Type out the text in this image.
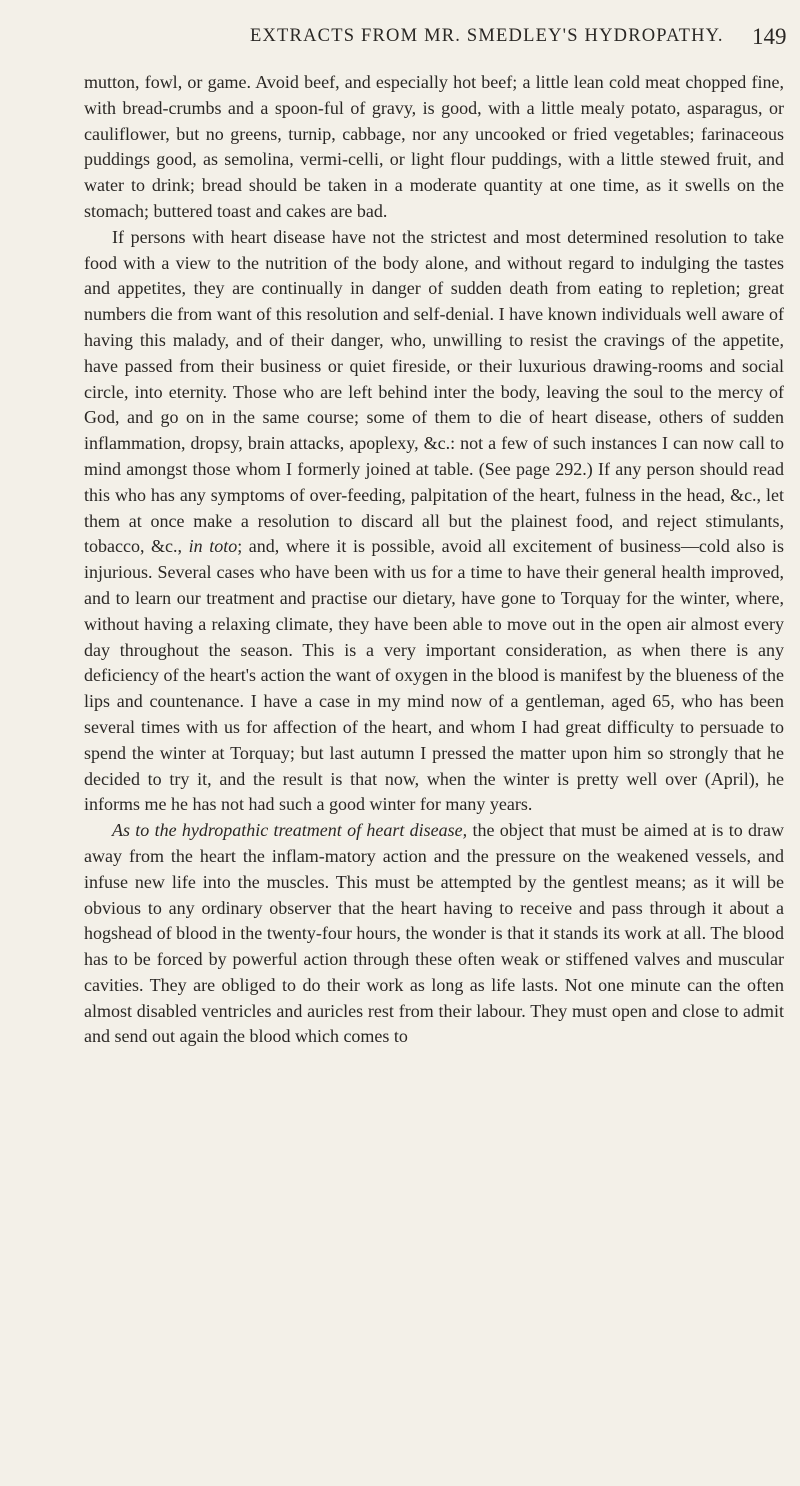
EXTRACTS FROM MR. SMEDLEY'S HYDROPATHY. 149

mutton, fowl, or game. Avoid beef, and especially hot beef; a little lean cold meat chopped fine, with bread-crumbs and a spoon-ful of gravy, is good, with a little mealy potato, asparagus, or cauliflower, but no greens, turnip, cabbage, nor any uncooked or fried vegetables; farinaceous puddings good, as semolina, vermi-celli, or light flour puddings, with a little stewed fruit, and water to drink; bread should be taken in a moderate quantity at one time, as it swells on the stomach; buttered toast and cakes are bad.

If persons with heart disease have not the strictest and most determined resolution to take food with a view to the nutrition of the body alone, and without regard to indulging the tastes and appetites, they are continually in danger of sudden death from eating to repletion; great numbers die from want of this resolution and self-denial. I have known individuals well aware of having this malady, and of their danger, who, unwilling to resist the cravings of the appetite, have passed from their business or quiet fireside, or their luxurious drawing-rooms and social circle, into eternity. Those who are left behind inter the body, leaving the soul to the mercy of God, and go on in the same course; some of them to die of heart disease, others of sudden inflammation, dropsy, brain attacks, apoplexy, &c.: not a few of such instances I can now call to mind amongst those whom I formerly joined at table. (See page 292.) If any person should read this who has any symptoms of over-feeding, palpitation of the heart, fulness in the head, &c., let them at once make a resolution to discard all but the plainest food, and reject stimulants, tobacco, &c., in toto; and, where it is possible, avoid all excitement of business—cold also is injurious. Several cases who have been with us for a time to have their general health improved, and to learn our treatment and practise our dietary, have gone to Torquay for the winter, where, without having a relaxing climate, they have been able to move out in the open air almost every day throughout the season. This is a very important consideration, as when there is any deficiency of the heart's action the want of oxygen in the blood is manifest by the blueness of the lips and countenance. I have a case in my mind now of a gentleman, aged 65, who has been several times with us for affection of the heart, and whom I had great difficulty to persuade to spend the winter at Torquay; but last autumn I pressed the matter upon him so strongly that he decided to try it, and the result is that now, when the winter is pretty well over (April), he informs me he has not had such a good winter for many years.

As to the hydropathic treatment of heart disease, the object that must be aimed at is to draw away from the heart the inflam-matory action and the pressure on the weakened vessels, and infuse new life into the muscles. This must be attempted by the gentlest means; as it will be obvious to any ordinary observer that the heart having to receive and pass through it about a hogshead of blood in the twenty-four hours, the wonder is that it stands its work at all. The blood has to be forced by powerful action through these often weak or stiffened valves and muscular cavities. They are obliged to do their work as long as life lasts. Not one minute can the often almost disabled ventricles and auricles rest from their labour. They must open and close to admit and send out again the blood which comes to
